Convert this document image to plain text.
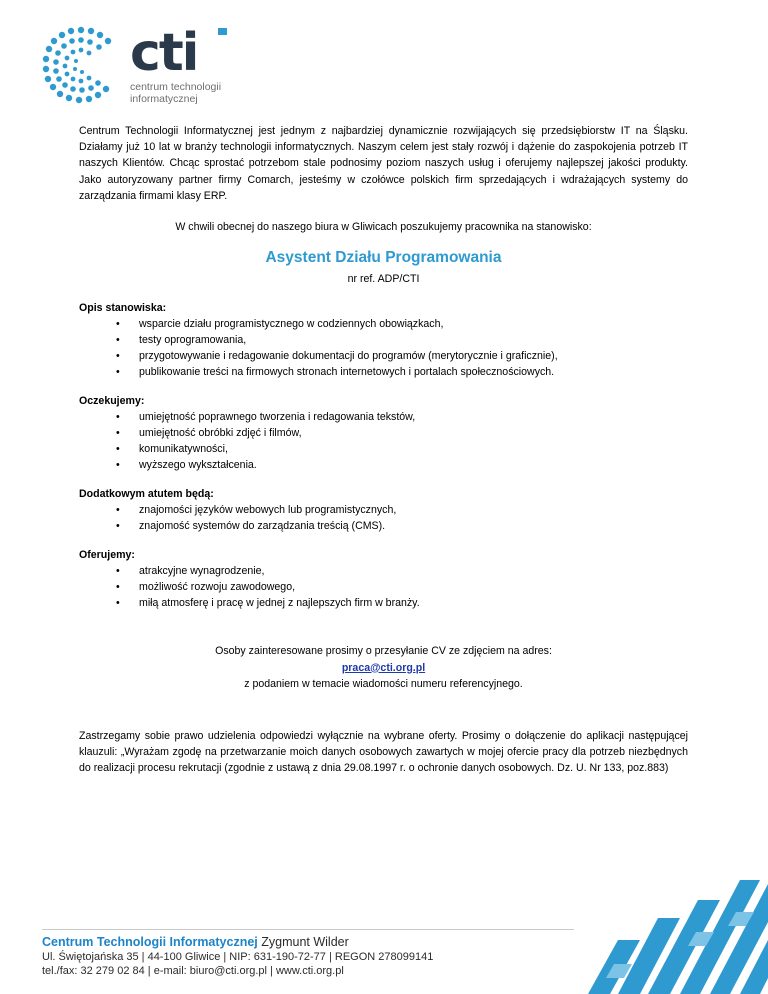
cti
centrum technologii
informatycznej

Centrum Technologii Informatycznej jest jednym z najbardziej dynamicznie rozwijających się przedsiębiorstw IT na Śląsku. Działamy już 10 lat w branży technologii informatycznych. Naszym celem jest stały rozwój i dążenie do zaspokojenia potrzeb IT naszych Klientów. Chcąc sprostać potrzebom stale podnosimy poziom naszych usług i oferujemy najlepszej jakości produkty. Jako autoryzowany partner firmy Comarch, jesteśmy w czołówce polskich firm sprzedających i wdrażających systemy do zarządzania firmami klasy ERP.

W chwili obecnej do naszego biura w Gliwicach poszukujemy pracownika na stanowisko:

Asystent Działu Programowania
nr ref. ADP/CTI
Opis stanowiska:
• wsparcie działu programistycznego w codziennych obowiązkach,
• testy oprogramowania,
• przygotowywanie i redagowanie dokumentacji do programów (merytorycznie i graficznie),
• publikowanie treści na firmowych stronach internetowych i portalach społecznościowych.
Oczekujemy:
• umiejętność poprawnego tworzenia i redagowania tekstów,
• umiejętność obróbki zdjęć i filmów,
• komunikatywności,
• wyższego wykształcenia.
Dodatkowym atutem będą:
• znajomości języków webowych lub programistycznych,
• znajomość systemów do zarządzania treścią (CMS).
Oferujemy:
• atrakcyjne wynagrodzenie,
• możliwość rozwoju zawodowego,
• miłą atmosferę i pracę w jednej z najlepszych firm w branży.
Osoby zainteresowane prosimy o przesyłanie CV ze zdjęciem na adres:
praca@cti.org.pl
z podaniem w temacie wiadomości numeru referencyjnego.

Zastrzegamy sobie prawo udzielenia odpowiedzi wyłącznie na wybrane oferty. Prosimy o dołączenie do aplikacji następującej klauzuli: „Wyrażam zgodę na przetwarzanie moich danych osobowych zawartych w mojej ofercie pracy dla potrzeb niezbędnych do realizacji procesu rekrutacji (zgodnie z ustawą z dnia 29.08.1997 r. o ochronie danych osobowych. Dz. U. Nr 133, poz.883)

Centrum Technologii Informatycznej Zygmunt Wilder
Ul. Świętojańska 35 | 44-100 Gliwice | NIP: 631-190-72-77 | REGON 278099141
tel./fax: 32 279 02 84 | e-mail: biuro@cti.org.pl | www.cti.org.pl
